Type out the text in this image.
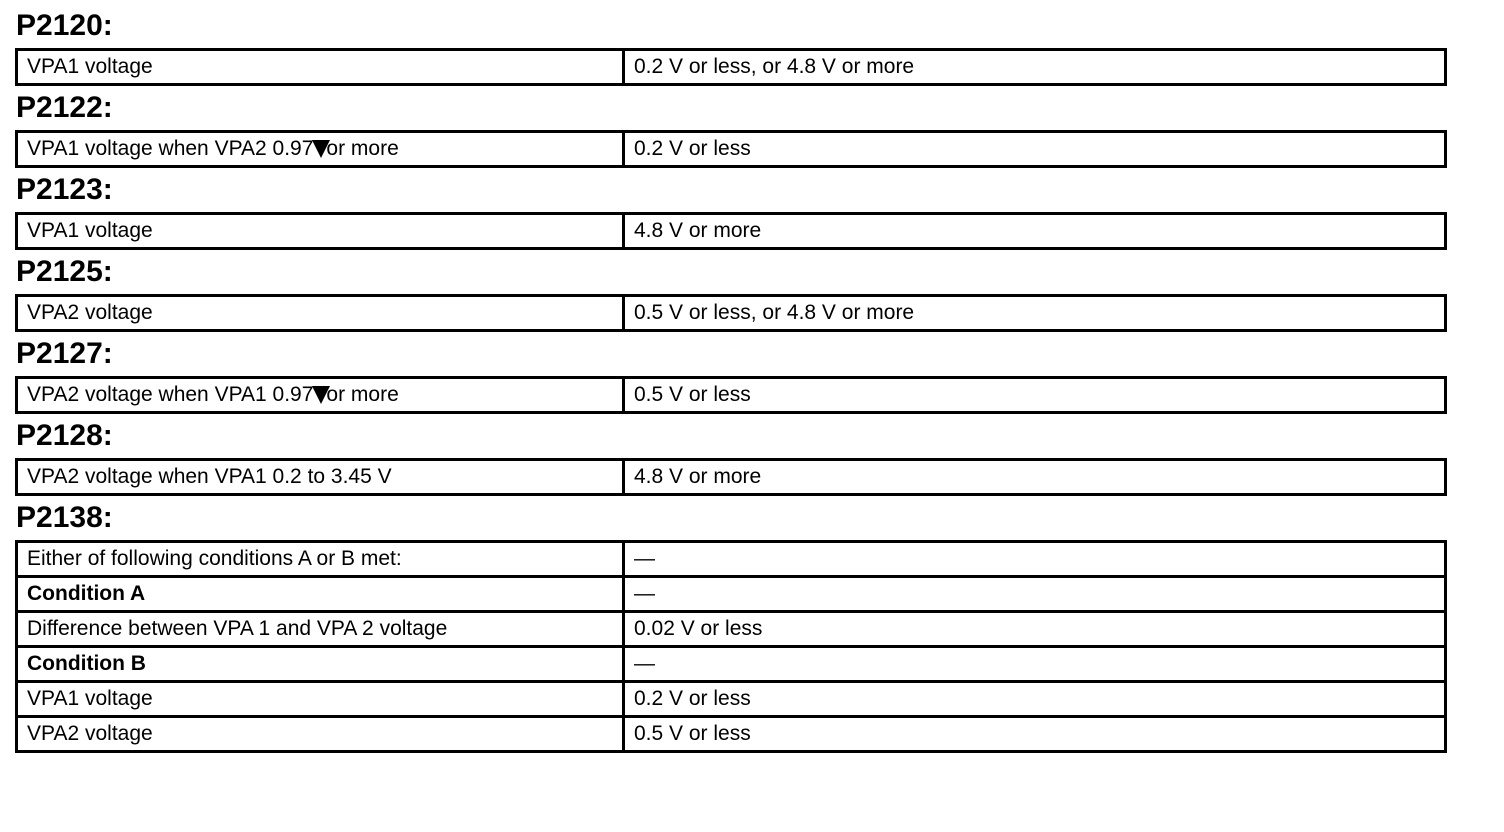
P2120:
VPA1 voltage	0.2 V or less, or 4.8 V or more
P2122:
VPA1 voltage when VPA2 0.97 or more	0.2 V or less
P2123:
VPA1 voltage	4.8 V or more
P2125:
VPA2 voltage	0.5 V or less, or 4.8 V or more
P2127:
VPA2 voltage when VPA1 0.97 or more	0.5 V or less
P2128:
VPA2 voltage when VPA1 0.2 to 3.45 V	4.8 V or more
P2138:
Either of following conditions A or B met:	—
Condition A	—
Difference between VPA 1 and VPA 2 voltage	0.02 V or less
Condition B	—
VPA1 voltage	0.2 V or less
VPA2 voltage	0.5 V or less
